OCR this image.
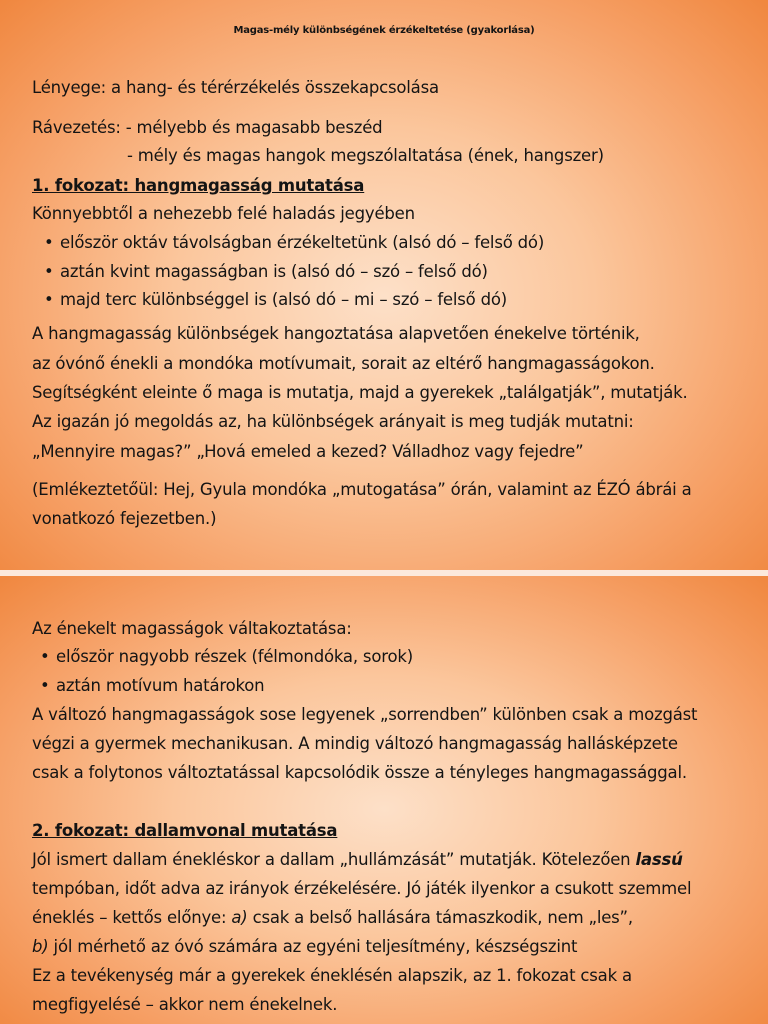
Magas-mély különbségének érzékeltetése (gyakorlása)
Lényege: a hang- és térérzékelés összekapcsolása
Rávezetés: - mélyebb és magasabb beszéd
- mély és magas hangok megszólaltatása (ének, hangszer)
1. fokozat: hangmagasság mutatása
Könnyebbtől a nehezebb felé haladás jegyében
• először oktáv távolságban érzékeltetünk (alsó dó – felső dó)
• aztán kvint magasságban is (alsó dó – szó – felső dó)
• majd terc különbséggel is (alsó dó – mi – szó – felső dó)
A hangmagasság különbségek hangoztatása alapvetően énekelve történik,
az óvónő énekli a mondóka motívumait, sorait az eltérő hangmagasságokon.
Segítségként eleinte ő maga is mutatja, majd a gyerekek „találgatják”, mutatják.
Az igazán jó megoldás az, ha különbségek arányait is meg tudják mutatni:
„Mennyire magas?” „Hová emeled a kezed? Válladhoz vagy fejedre”
(Emlékeztetőül: Hej, Gyula mondóka „mutogatása” órán, valamint az ÉZÓ ábrái a
vonatkozó fejezetben.)
Az énekelt magasságok váltakoztatása:
• először nagyobb részek (félmondóka, sorok)
• aztán motívum határokon
A változó hangmagasságok sose legyenek „sorrendben” különben csak a mozgást
végzi a gyermek mechanikusan. A mindig változó hangmagasság hallásképzete
csak a folytonos változtatással kapcsolódik össze a tényleges hangmagassággal.
2. fokozat: dallamvonal mutatása
Jól ismert dallam énekléskor a dallam „hullámzását” mutatják. Kötelezően lassú
tempóban, időt adva az irányok érzékelésére. Jó játék ilyenkor a csukott szemmel
éneklés – kettős előnye: a) csak a belső hallására támaszkodik, nem „les”,
b) jól mérhető az óvó számára az egyéni teljesítmény, készségszint
Ez a tevékenység már a gyerekek éneklésén alapszik, az 1. fokozat csak a
megfigyelésé – akkor nem énekelnek.
